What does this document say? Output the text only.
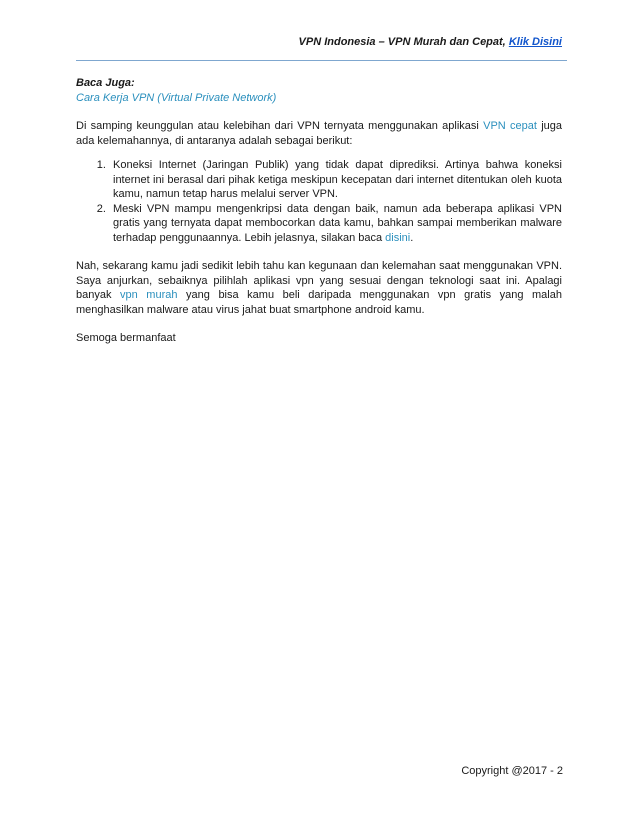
VPN Indonesia – VPN Murah dan Cepat, Klik Disini

Baca Juga:

Cara Kerja VPN (Virtual Private Network)

Di samping keunggulan atau kelebihan dari VPN ternyata menggunakan aplikasi VPN cepat juga ada kelemahannya, di antaranya adalah sebagai berikut:

1. Koneksi Internet (Jaringan Publik) yang tidak dapat diprediksi. Artinya bahwa koneksi internet ini berasal dari pihak ketiga meskipun kecepatan dari internet ditentukan oleh kuota kamu, namun tetap harus melalui server VPN.
2. Meski VPN mampu mengenkripsi data dengan baik, namun ada beberapa aplikasi VPN gratis yang ternyata dapat membocorkan data kamu, bahkan sampai memberikan malware terhadap penggunaannya. Lebih jelasnya, silakan baca disini.

Nah, sekarang kamu jadi sedikit lebih tahu kan kegunaan dan kelemahan saat menggunakan VPN. Saya anjurkan, sebaiknya pilihlah aplikasi vpn yang sesuai dengan teknologi saat ini. Apalagi banyak vpn murah yang bisa kamu beli daripada menggunakan vpn gratis yang malah menghasilkan malware atau virus jahat buat smartphone android kamu.

Semoga bermanfaat

Copyright @2017 - 2
